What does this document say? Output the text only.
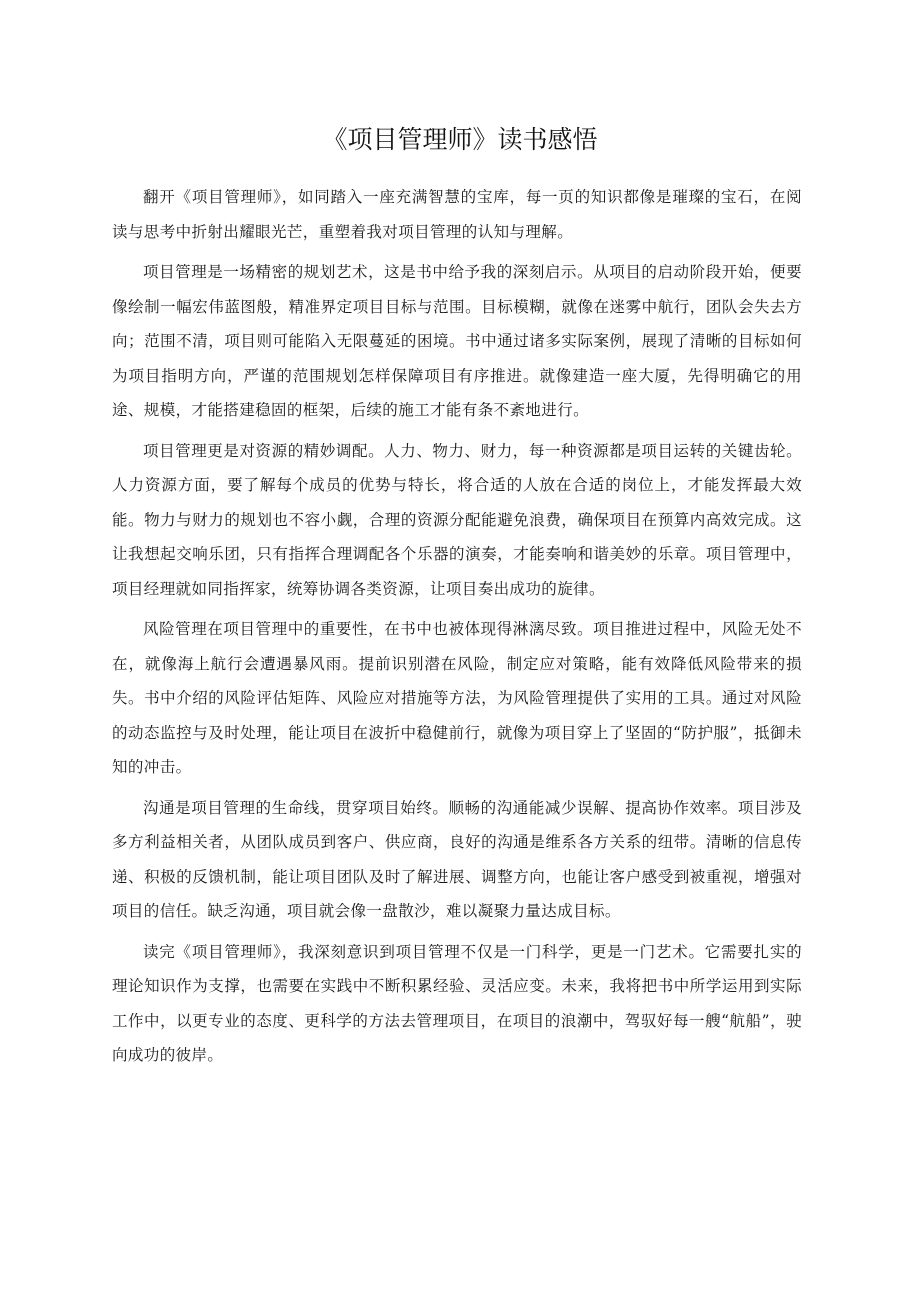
《项目管理师》读书感悟

翻开《项目管理师》，如同踏入一座充满智慧的宝库，每一页的知识都像是璀璨的宝石，在阅读与思考中折射出耀眼光芒，重塑着我对项目管理的认知与理解。

项目管理是一场精密的规划艺术，这是书中给予我的深刻启示。从项目的启动阶段开始，便要像绘制一幅宏伟蓝图般，精准界定项目目标与范围。目标模糊，就像在迷雾中航行，团队会失去方向；范围不清，项目则可能陷入无限蔓延的困境。书中通过诸多实际案例，展现了清晰的目标如何为项目指明方向，严谨的范围规划怎样保障项目有序推进。就像建造一座大厦，先得明确它的用途、规模，才能搭建稳固的框架，后续的施工才能有条不紊地进行。

项目管理更是对资源的精妙调配。人力、物力、财力，每一种资源都是项目运转的关键齿轮。人力资源方面，要了解每个成员的优势与特长，将合适的人放在合适的岗位上，才能发挥最大效能。物力与财力的规划也不容小觑，合理的资源分配能避免浪费，确保项目在预算内高效完成。这让我想起交响乐团，只有指挥合理调配各个乐器的演奏，才能奏响和谐美妙的乐章。项目管理中，项目经理就如同指挥家，统筹协调各类资源，让项目奏出成功的旋律。

风险管理在项目管理中的重要性，在书中也被体现得淋漓尽致。项目推进过程中，风险无处不在，就像海上航行会遭遇暴风雨。提前识别潜在风险，制定应对策略，能有效降低风险带来的损失。书中介绍的风险评估矩阵、风险应对措施等方法，为风险管理提供了实用的工具。通过对风险的动态监控与及时处理，能让项目在波折中稳健前行，就像为项目穿上了坚固的“防护服”，抵御未知的冲击。

沟通是项目管理的生命线，贯穿项目始终。顺畅的沟通能减少误解、提高协作效率。项目涉及多方利益相关者，从团队成员到客户、供应商，良好的沟通是维系各方关系的纽带。清晰的信息传递、积极的反馈机制，能让项目团队及时了解进展、调整方向，也能让客户感受到被重视，增强对项目的信任。缺乏沟通，项目就会像一盘散沙，难以凝聚力量达成目标。

读完《项目管理师》，我深刻意识到项目管理不仅是一门科学，更是一门艺术。它需要扎实的理论知识作为支撑，也需要在实践中不断积累经验、灵活应变。未来，我将把书中所学运用到实际工作中，以更专业的态度、更科学的方法去管理项目，在项目的浪潮中，驾驭好每一艘“航船”，驶向成功的彼岸。
